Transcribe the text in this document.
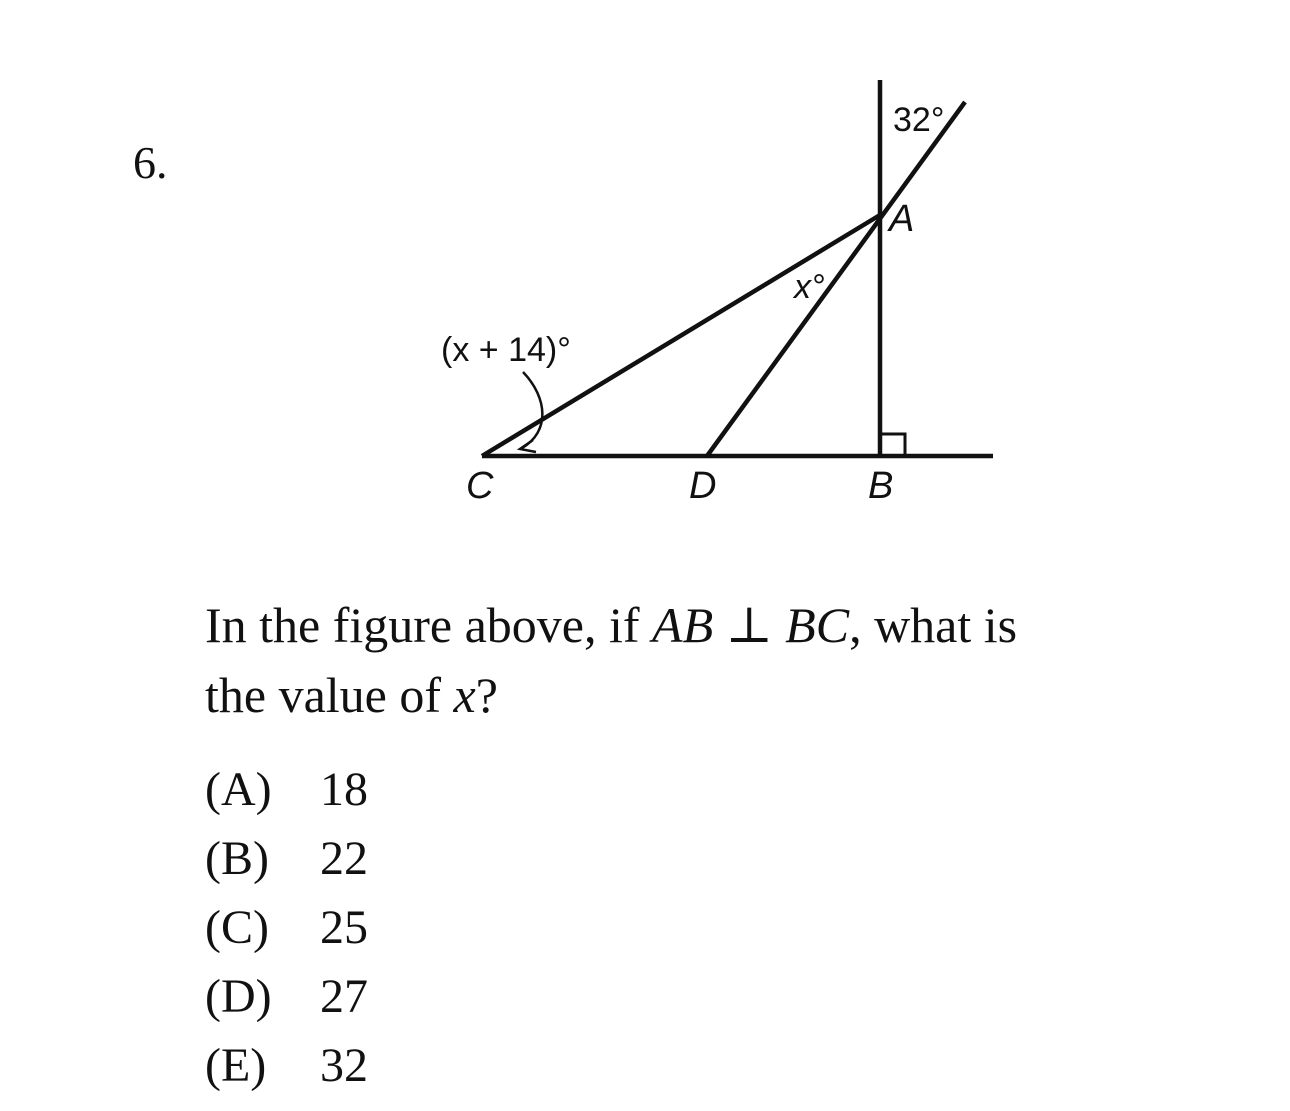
6.
A
B
C	D
32°
x°
(x + 14)°
In the figure above, if AB ⊥ BC, what is
the value of x?
(A)	18
(B)	22
(C)	25
(D)	27
(E)	32
